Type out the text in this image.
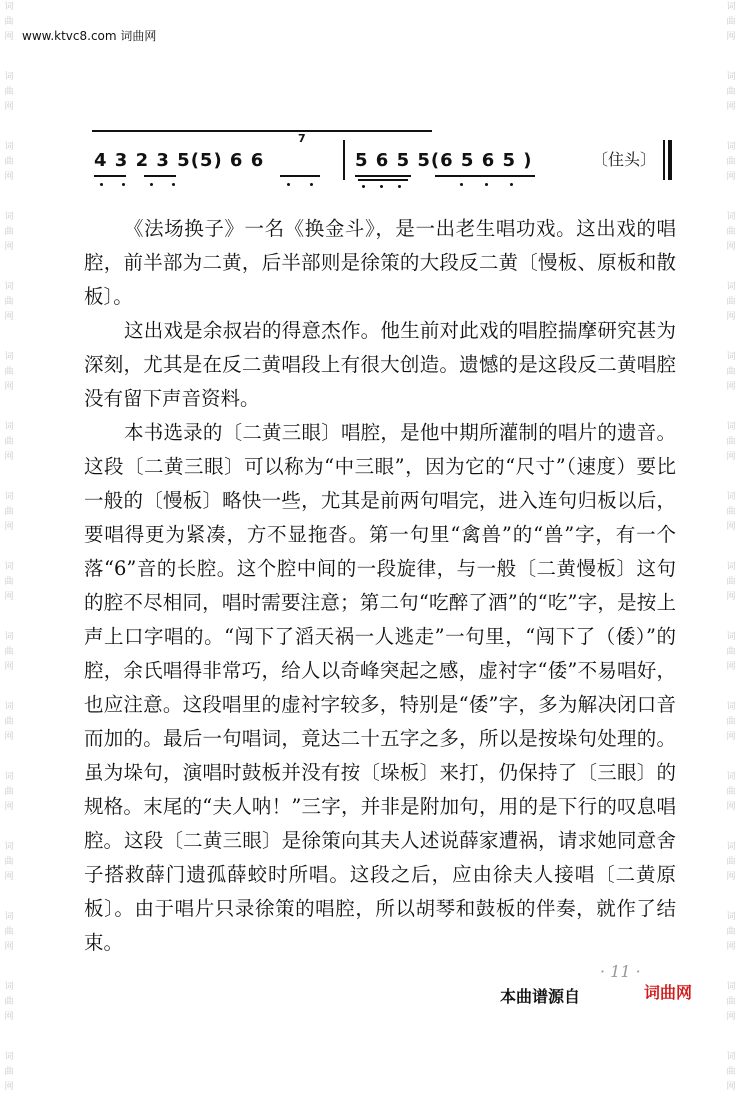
www.ktvc8.com 词曲网
词
曲
网
词
曲
网
词
曲
网
词
曲
网
词
曲
网
词
曲
网
词
曲
网
词
曲
网
词
曲
网
词
曲
网
词
曲
网
词
曲
网
词
曲
网
词
曲
网
词
曲
网
词
曲
网
词
曲
网
词
曲
网
词
曲
网
词
曲
网
词
曲
网
词
曲
网
词
曲
网
词
曲
网
词
曲
网
词
曲
网
词
曲
网
词
曲
网
词
曲
网
词
曲
网
词
曲
网
词
曲
网
4 3 2 3 5(5) 6 6
7
5 6 5 5(6 5 6 5 )	〔住头〕

《法场换子》一名《换金斗》，是一出老生唱功戏。这出戏的唱腔，前半部为二黄，后半部则是徐策的大段反二黄〔慢板、原板和散板〕。

这出戏是余叔岩的得意杰作。他生前对此戏的唱腔揣摩研究甚为深刻，尤其是在反二黄唱段上有很大创造。遗憾的是这段反二黄唱腔没有留下声音资料。

本书选录的〔二黄三眼〕唱腔，是他中期所灌制的唱片的遗音。这段〔二黄三眼〕可以称为“中三眼”，因为它的“尺寸”（速度）要比一般的〔慢板〕略快一些，尤其是前两句唱完，进入连句归板以后，要唱得更为紧凑，方不显拖沓。第一句里“禽兽”的“兽”字，有一个落“6”音的长腔。这个腔中间的一段旋律，与一般〔二黄慢板〕这句的腔不尽相同，唱时需要注意；第二句“吃醉了酒”的“吃”字，是按上声上口字唱的。“闯下了滔天祸一人逃走”一句里，“闯下了（倭）”的腔，余氏唱得非常巧，给人以奇峰突起之感，虚衬字“倭”不易唱好，也应注意。这段唱里的虚衬字较多，特别是“倭”字，多为解决闭口音而加的。最后一句唱词，竟达二十五字之多，所以是按垛句处理的。虽为垛句，演唱时鼓板并没有按〔垛板〕来打，仍保持了〔三眼〕的规格。末尾的“夫人呐！”三字，并非是附加句，用的是下行的叹息唱腔。 这段〔二黄三眼〕是徐策向其夫人述说薛家遭祸，请求她同意舍子搭救薛门遗孤薛蛟时所唱。这段之后，应由徐夫人接唱〔二黄原板〕。由于唱片只录徐策的唱腔，所以胡琴和鼓板的伴奏，就作了结束。

· 11 ·
本曲谱源自	词曲网
